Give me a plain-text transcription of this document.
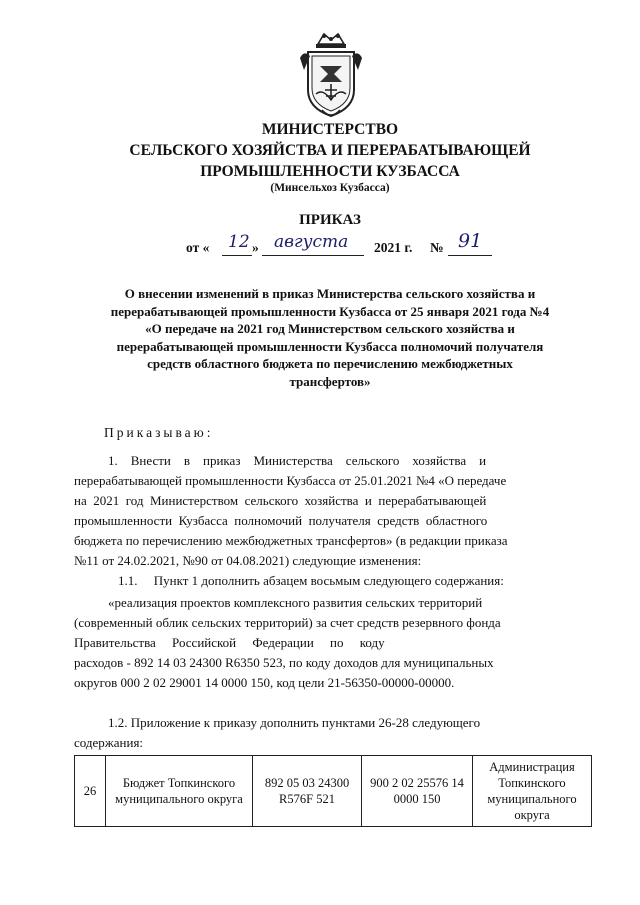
МИНИСТЕРСТВО
СЕЛЬСКОГО ХОЗЯЙСТВА И ПЕРЕРАБАТЫВАЮЩЕЙ
ПРОМЫШЛЕННОСТИ КУЗБАССА
(Минсельхоз Кузбасса)
ПРИКАЗ
от « 12 » августа 2021 г. № 91
О внесении изменений в приказ Министерства сельского хозяйства и
перерабатывающей промышленности Кузбасса от 25 января 2021 года №4
«О передаче на 2021 год Министерством сельского хозяйства и
перерабатывающей промышленности Кузбасса полномочий получателя
средств областного бюджета по перечислению межбюджетных
трансфертов»
Приказываю:
1.    Внести    в    приказ    Министерства    сельского    хозяйства    и
перерабатывающей промышленности Кузбасса от 25.01.2021 №4 «О передаче
на  2021  год  Министерством  сельского  хозяйства  и  перерабатывающей
промышленности  Кузбасса  полномочий  получателя  средств  областного
бюджета по перечислению межбюджетных трансфертов» (в редакции приказа
№11 от 24.02.2021, №90 от 04.08.2021) следующие изменения:
1.1.     Пункт 1 дополнить абзацем восьмым следующего содержания:
«реализация проектов комплексного развития сельских территорий
(современный облик сельских территорий) за счет средств резервного фонда
Правительства     Российской     Федерации     по     коду
расходов - 892 14 03 24300 R6350 523, по коду доходов для муниципальных
округов 000 2 02 29001 14 0000 150, код цели 21-56350-00000-00000.
1.2. Приложение к приказу дополнить пунктами 26-28 следующего
содержания:
26	Бюджет Топкинского муниципального округа	892 05 03 24300 R576F 521	900 2 02 25576 14 0000 150	Администрация Топкинского муниципального округа
